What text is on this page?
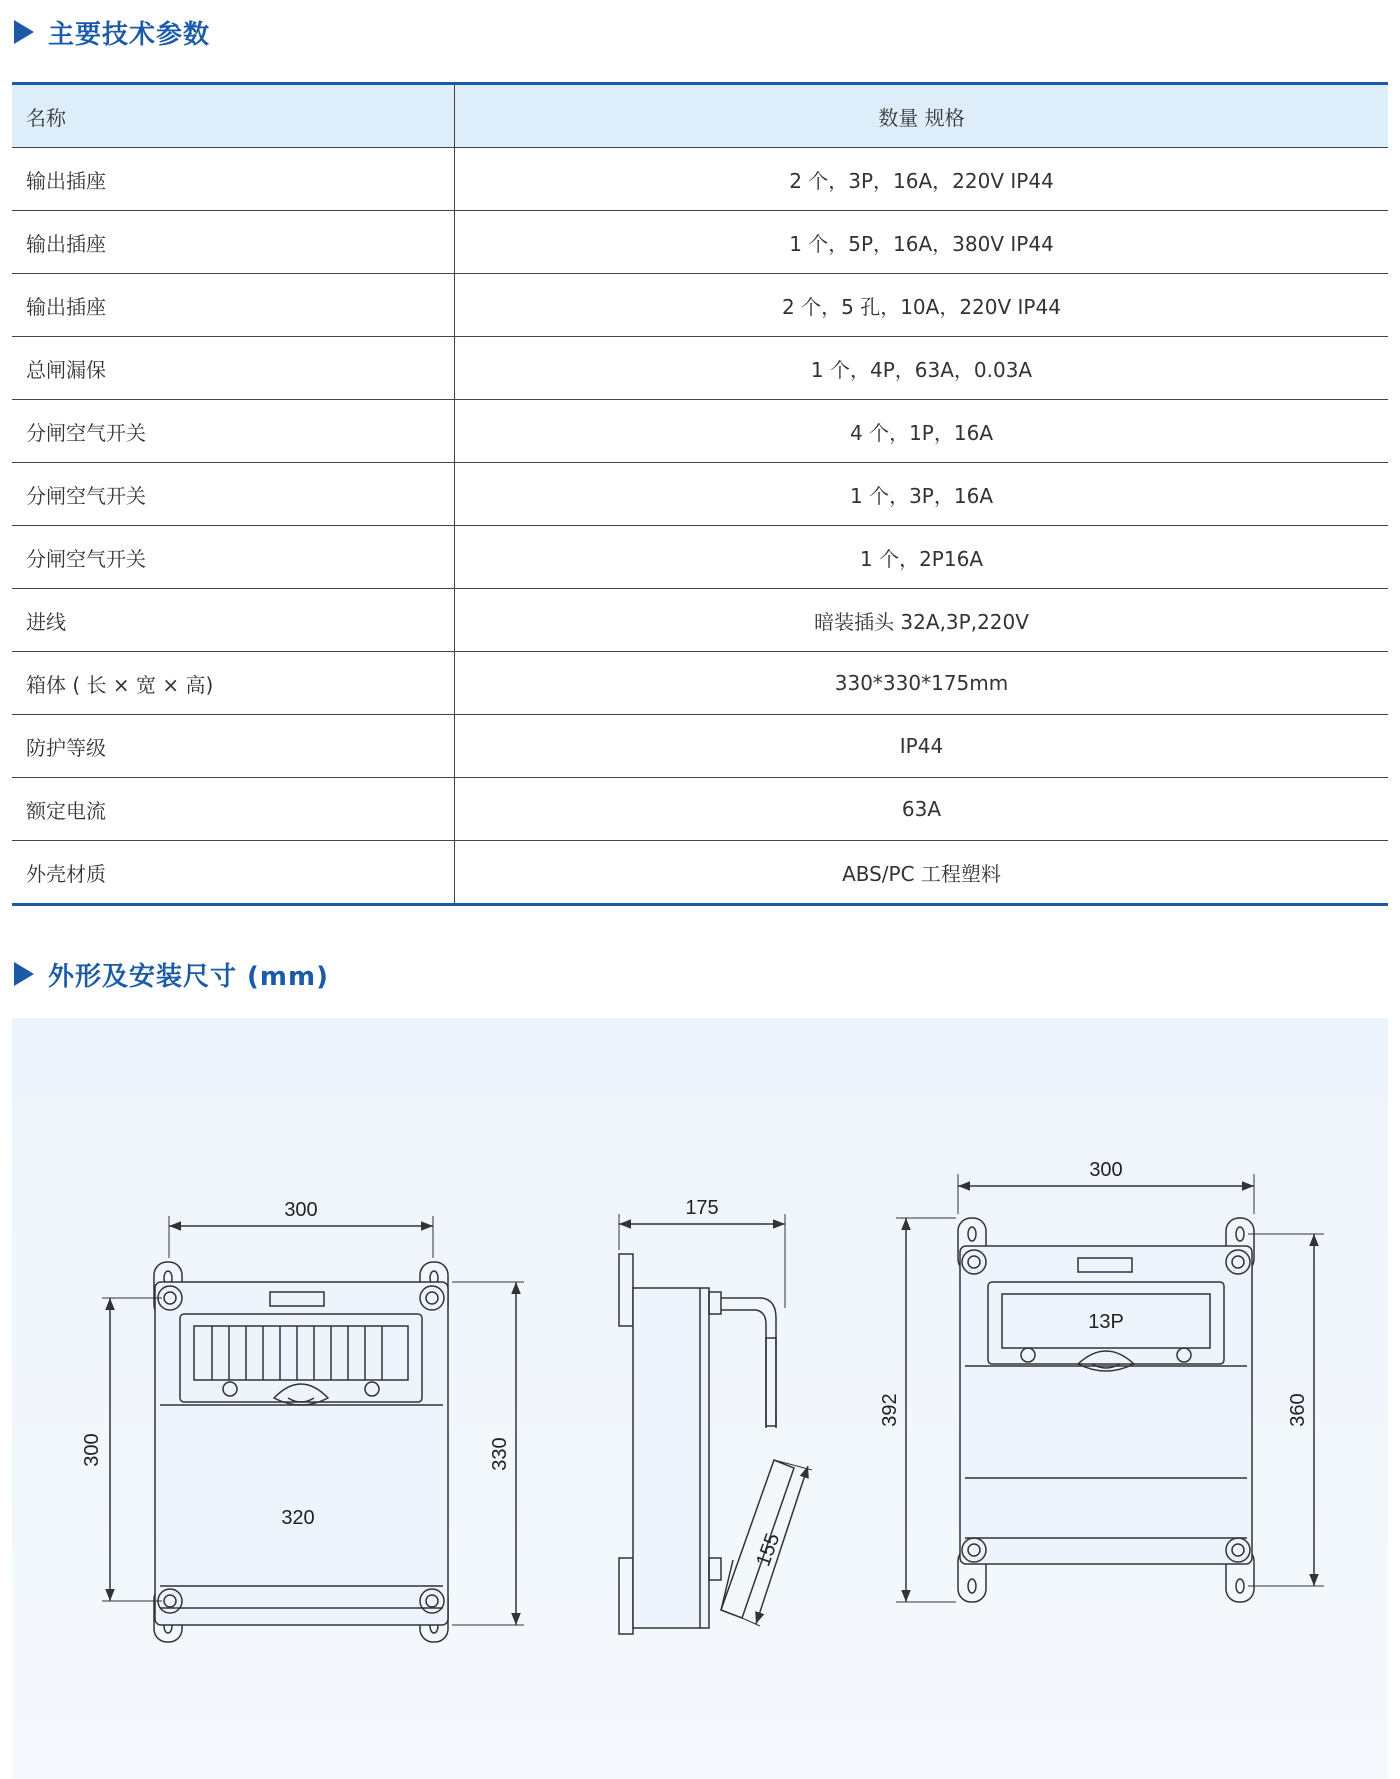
主要技术参数
名称	数量 规格
输出插座	2 个，3P，16A，220V IP44
输出插座	1 个，5P，16A，380V IP44
输出插座	2 个，5 孔，10A，220V IP44
总闸漏保	1 个，4P，63A，0.03A
分闸空气开关	4 个，1P，16A
分闸空气开关	1 个，3P，16A
分闸空气开关	1 个，2P16A
进线	暗装插头 32A,3P,220V
箱体 ( 长 × 宽 × 高)	330*330*175mm
防护等级	IP44
额定电流	63A
外壳材质	ABS/PC 工程塑料
外形及安装尺寸 (mm)
300
320
300	330
175
155
300
392	360
13P
